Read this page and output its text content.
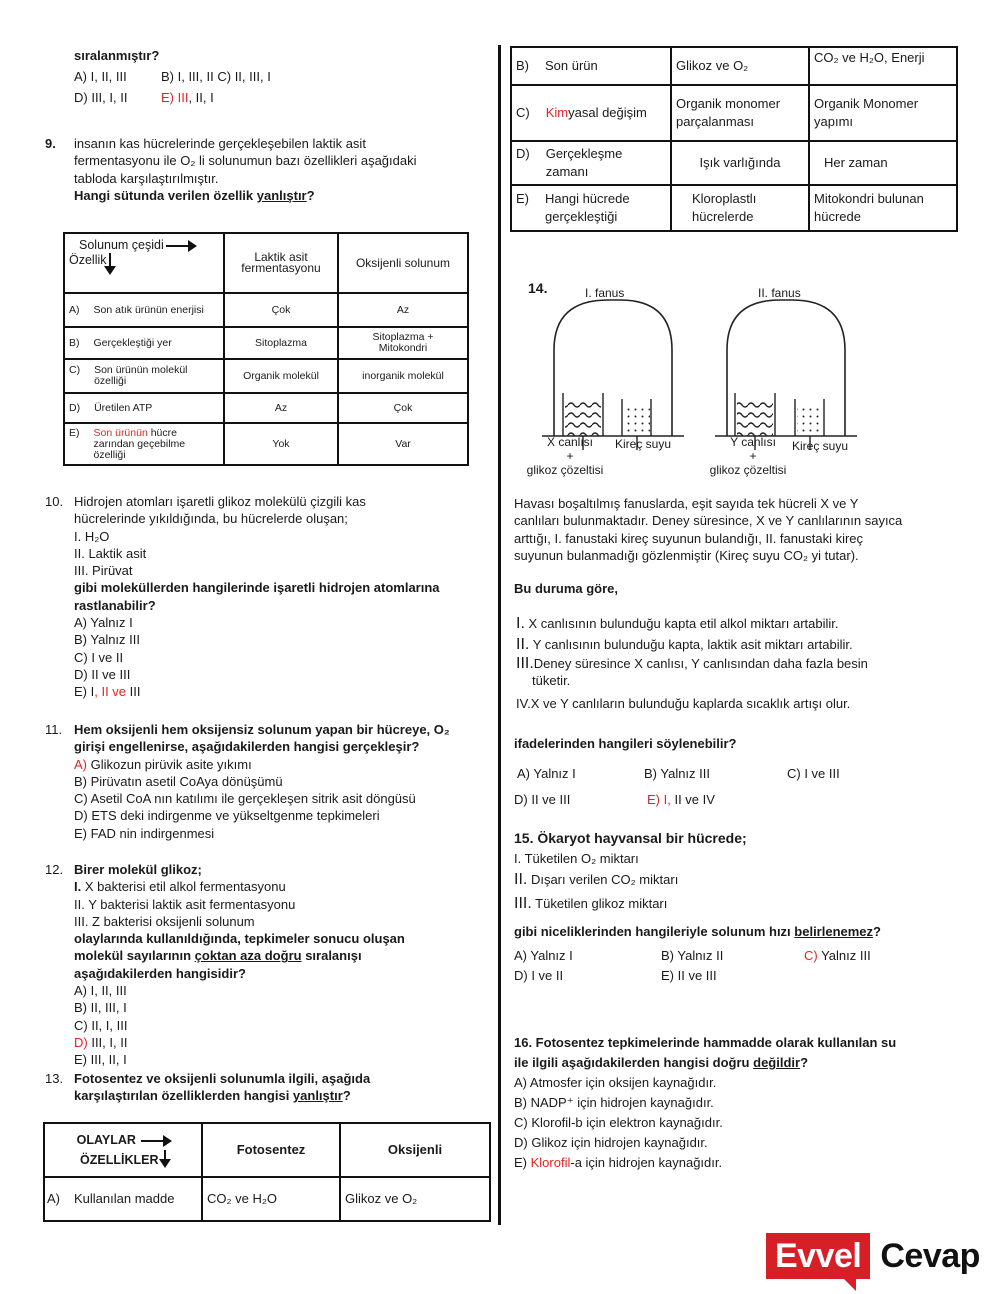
sıralanmıştır?
A) I, II, III	B) I, III, II C) II, III, I
D) III, I, II	E) III, II, I
9. insanın kas hücrelerinde gerçekleşebilen laktik asit
fermentasyonu ile O₂ li solunumun bazı özellikleri aşağıdaki
tabloda karşılaştırılmıştır.
Hangi sütunda verilen özellik yanlıştır?
Solunum çeşidi
Özellik	Laktik asit fermentasyonu	Oksijenli solunum

A) Son atık ürünün enerjisi	Çok	Az

B) Gerçekleştiği yer	Sitoplazma	Sitoplazma + Mitokondri

C) Son ürünün molekül özelliği	Organik molekül	inorganik molekül

D) Üretilen ATP	Az	Çok

E) Son ürünün hücre zarından geçebilme özelliği	Yok	Var
10. Hidrojen atomları işaretli glikoz molekülü çizgili kas
hücrelerinde yıkıldığında, bu hücrelerde oluşan;
I. H₂O
II. Laktik asit
III. Pirüvat
gibi moleküllerden hangilerinde işaretli hidrojen atomlarına
rastlanabilir?
A) Yalnız I
B) Yalnız III
C) I ve II
D) II ve III
E) I, II ve III
11. Hem oksijenli hem oksijensiz solunum yapan bir hücreye, O₂
girişi engellenirse, aşağıdakilerden hangisi gerçekleşir?
A) Glikozun pirüvik asite yıkımı
B) Pirüvatın asetil CoAya dönüşümü
C) Asetil CoA nın katılımı ile gerçekleşen sitrik asit döngüsü
D) ETS deki indirgenme ve yükseltgenme tepkimeleri
E) FAD nin indirgenmesi
12. Birer molekül glikoz;
I. X bakterisi etil alkol fermentasyonu
II. Y bakterisi laktik asit fermentasyonu
III. Z bakterisi oksijenli solunum
olaylarında kullanıldığında, tepkimeler sonucu oluşan
molekül sayılarının çoktan aza doğru sıralanışı
aşağıdakilerden hangisidir?
A) I, II, III
B) II, III, I
C) II, I, III
D) III, I, II
E) III, II, I
13. Fotosentez ve oksijenli solunumla ilgili, aşağıda
karşılaştırılan özelliklerden hangisi yanlıştır?
OLAYLAR
ÖZELLİKLER	Fotosentez	Oksijenli

A) Kullanılan madde	CO₂ ve H₂O	Glikoz ve O₂
B) Son ürün	Glikoz ve O₂	CO₂ ve H₂O, Enerji

C) Kimyasal değişim	Organik monomer parçalanması	Organik Monomer yapımı

D) Gerçekleşme zamanı	Işık varlığında	Her zaman

E) Hangi hücrede gerçekleştiği	Kloroplastlı hücrelerde	Mitokondri bulunan hücrede
14.	I. fanus	II. fanus
X canlısı
+
glikoz çözeltisi
Kireç suyu	Y canlısı
+
glikoz çözeltisi
Kireç suyu
Havası boşaltılmış fanuslarda, eşit sayıda tek hücreli X ve Y
canlıları bulunmaktadır. Deney süresince, X ve Y canlılarının sayıca
arttığı, I. fanustaki kireç suyunun bulandığı, II. fanustaki kireç
suyunun bulanmadığı gözlenmiştir (Kireç suyu CO₂ yi tutar).
Bu duruma göre,
I. X canlısının bulunduğu kapta etil alkol miktarı artabilir.
II. Y canlısının bulunduğu kapta, laktik asit miktarı artabilir.
III.Deney süresince X canlısı, Y canlısından daha fazla besin
tüketir.
IV.X ve Y canlıların bulunduğu kaplarda sıcaklık artışı olur.
ifadelerinden hangileri söylenebilir?
A) Yalnız I	B) Yalnız III	C) I ve III
D) II ve III	E) I, II ve IV
15. Ökaryot hayvansal bir hücrede;
I. Tüketilen O₂ miktarı
II. Dışarı verilen CO₂ miktarı
III. Tüketilen glikoz miktarı
gibi niceliklerinden hangileriyle solunum hızı belirlenemez?
A) Yalnız I	B) Yalnız II	C) Yalnız III
D) I ve II	E) II ve III
16. Fotosentez tepkimelerinde hammadde olarak kullanılan su
ile ilgili aşağıdakilerden hangisi doğru değildir?
A) Atmosfer için oksijen kaynağıdır.
B) NADP⁺ için hidrojen kaynağıdır.
C) Klorofil-b için elektron kaynağıdır.
D) Glikoz için hidrojen kaynağıdır.
E) Klorofil-a için hidrojen kaynağıdır.
Evvel Cevap
